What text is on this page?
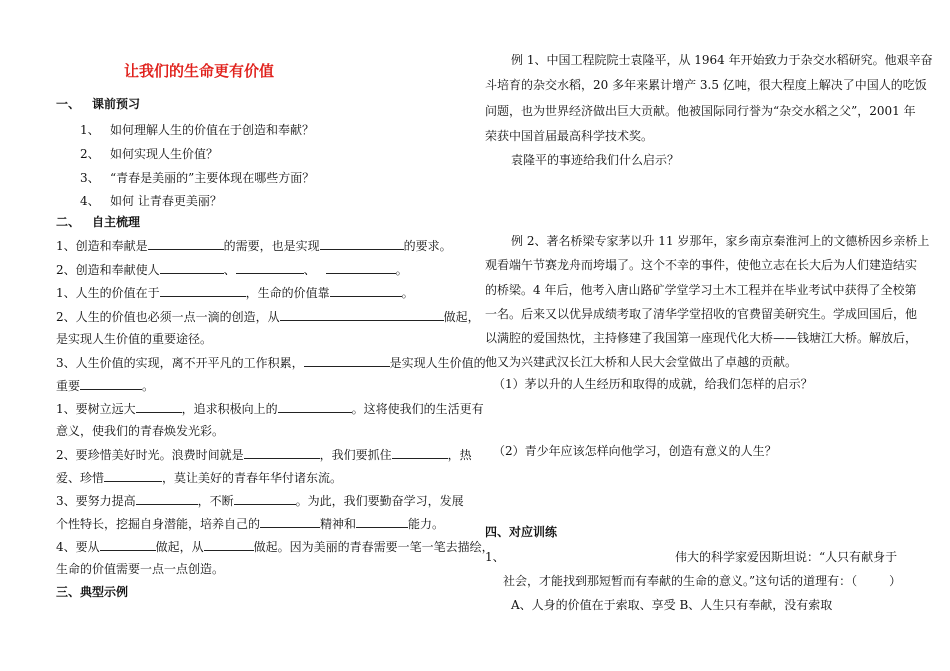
让我们的生命更有价值
一、 课前预习
1、 如何理解人生的价值在于创造和奉献？
2、 如何实现人生价值？
3、 “青春是美丽的”主要体现在哪些方面？
4、 如何 让青春更美丽？
二、 自主梳理
1、创造和奉献是	的需要，也是实现	的要求。
2、创造和奉献使人	、	、	。
1、人生的价值在于	，生命的价值靠	。
2、人生的价值也必须一点一滴的创造，从	做起，
是实现人生价值的重要途径。
3、人生价值的实现，离不开平凡的工作积累，	是实现人生价值的
重要	。
1、要树立远大	，追求积极向上的	。这将使我们的生活更有
意义，使我们的青春焕发光彩。
2、要珍惜美好时光。浪费时间就是	，我们要抓住	，热
爱、珍惜	，莫让美好的青春年华付诸东流。
3、要努力提高	，不断	。为此，我们要勤奋学习，发展
个性特长，挖掘自身潜能，培养自己的	精神和	能力。
4、要从	做起，从	做起。因为美丽的青春需要一笔一笔去描绘，
生命的价值需要一点一点创造。
三、典型示例
例 1、中国工程院院士袁隆平，从 1964 年开始致力于杂交水稻研究。他艰辛奋
斗培育的杂交水稻，20 多年来累计增产 3.5 亿吨，很大程度上解决了中国人的吃饭
问题，也为世界经济做出巨大贡献。他被国际同行誉为“杂交水稻之父”，2001 年
荣获中国首届最高科学技术奖。
袁隆平的事迹给我们什么启示？
例 2、著名桥梁专家茅以升 11 岁那年，家乡南京秦淮河上的文德桥因乡亲桥上
观看端午节赛龙舟而垮塌了。这个不幸的事件，使他立志在长大后为人们建造结实
的桥梁。4 年后，他考入唐山路矿学堂学习土木工程并在毕业考试中获得了全校第
一名。后来又以优异成绩考取了清华学堂招收的官费留美研究生。学成回国后，他
以满腔的爱国热忱，主持修建了我国第一座现代化大桥——钱塘江大桥。解放后，
他又为兴建武汉长江大桥和人民大会堂做出了卓越的贡献。
（1）茅以升的人生经历和取得的成就，给我们怎样的启示？
（2）青少年应该怎样向他学习，创造有意义的人生？
四、对应训练
1、	伟大的科学家爱因斯坦说：“人只有献身于
社会，才能找到那短暂而有奉献的生命的意义。”这句话的道理有：（	）
A、人身的价值在于索取、享受 B、人生只有奉献，没有索取
